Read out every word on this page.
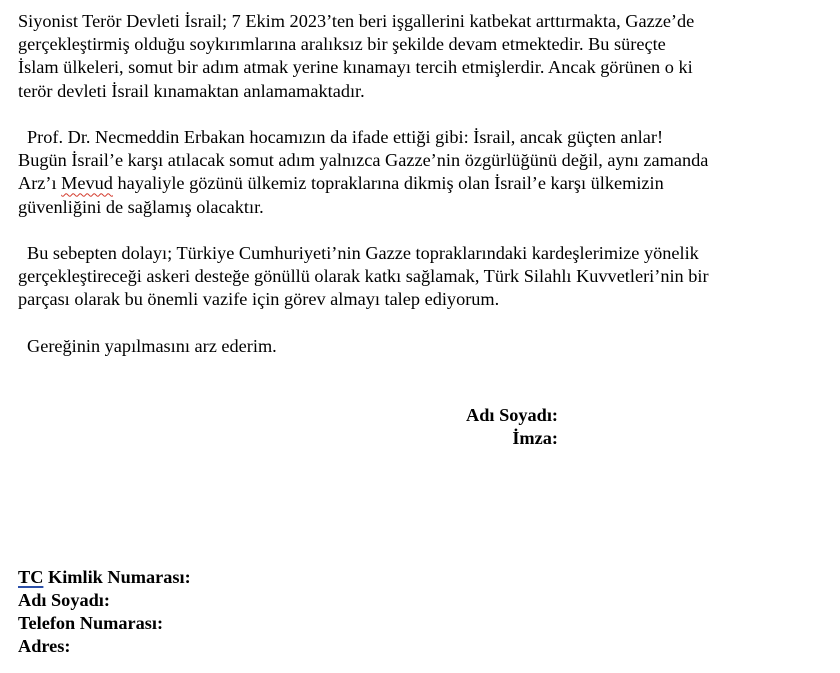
Siyonist Terör Devleti İsrail; 7 Ekim 2023’ten beri işgallerini katbekat arttırmakta, Gazze’de
gerçekleştirmiş olduğu soykırımlarına aralıksız bir şekilde devam etmektedir. Bu süreçte
İslam ülkeleri, somut bir adım atmak yerine kınamayı tercih etmişlerdir. Ancak görünen o ki
terör devleti İsrail kınamaktan anlamamaktadır.

Prof. Dr. Necmeddin Erbakan hocamızın da ifade ettiği gibi: İsrail, ancak güçten anlar!
Bugün İsrail’e karşı atılacak somut adım yalnızca Gazze’nin özgürlüğünü değil, aynı zamanda
Arz’ı Mevud hayaliyle gözünü ülkemiz topraklarına dikmiş olan İsrail’e karşı ülkemizin
güvenliğini de sağlamış olacaktır.

Bu sebepten dolayı; Türkiye Cumhuriyeti’nin Gazze topraklarındaki kardeşlerimize yönelik
gerçekleştireceği askeri desteğe gönüllü olarak katkı sağlamak, Türk Silahlı Kuvvetleri’nin bir
parçası olarak bu önemli vazife için görev almayı talep ediyorum.

Gereğinin yapılmasını arz ederim.

Adı Soyadı:
İmza:
TC Kimlik Numarası:
Adı Soyadı:
Telefon Numarası:
Adres:
